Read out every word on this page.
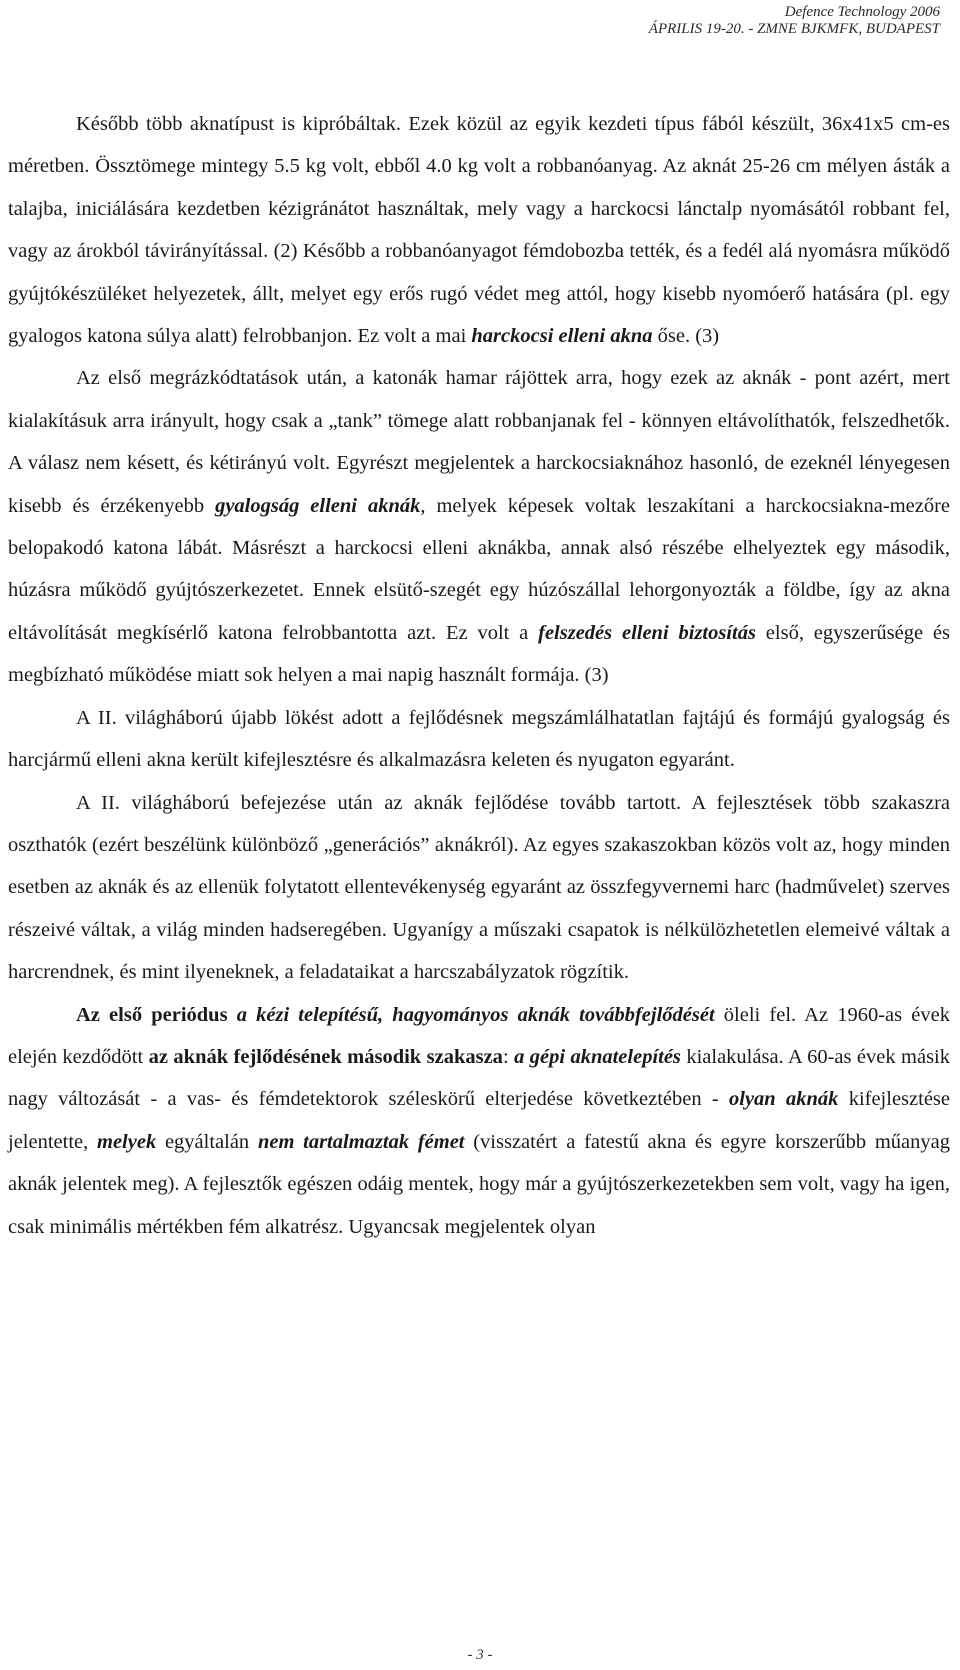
Defence Technology 2006
ÁPRILIS 19-20. - ZMNE BJKMFK, BUDAPEST

Később több aknatípust is kipróbáltak. Ezek közül az egyik kezdeti típus fából készült, 36x41x5 cm-es méretben. Össztömege mintegy 5.5 kg volt, ebből 4.0 kg volt a robbanóanyag. Az aknát 25-26 cm mélyen ásták a talajba, iniciálására kezdetben kézigránátot használtak, mely vagy a harckocsi lánctalp nyomásától robbant fel, vagy az árokból távirányítással. (2) Később a robbanóanyagot fémdobozba tették, és a fedél alá nyomásra működő gyújtókészüléket helyezetek, állt, melyet egy erős rugó védet meg attól, hogy kisebb nyomóerő hatására (pl. egy gyalogos katona súlya alatt) felrobbanjon. Ez volt a mai harckocsi elleni akna őse. (3)

Az első megrázkódtatások után, a katonák hamar rájöttek arra, hogy ezek az aknák - pont azért, mert kialakításuk arra irányult, hogy csak a „tank” tömege alatt robbanjanak fel - könnyen eltávolíthatók, felszedhetők. A válasz nem késett, és kétirányú volt. Egyrészt megjelentek a harckocsiaknához hasonló, de ezeknél lényegesen kisebb és érzékenyebb gyalogság elleni aknák, melyek képesek voltak leszakítani a harckocsiakna-mezőre belopakodó katona lábát. Másrészt a harckocsi elleni aknákba, annak alsó részébe elhelyeztek egy második, húzásra működő gyújtószerkezetet. Ennek elsütő-szegét egy húzószállal lehorgonyozták a földbe, így az akna eltávolítását megkísérlő katona felrobbantotta azt. Ez volt a felszedés elleni biztosítás első, egyszerűsége és megbízható működése miatt sok helyen a mai napig használt formája. (3)

A II. világháború újabb lökést adott a fejlődésnek megszámlálhatatlan fajtájú és formájú gyalogság és harcjármű elleni akna került kifejlesztésre és alkalmazásra keleten és nyugaton egyaránt.

A II. világháború befejezése után az aknák fejlődése tovább tartott. A fejlesztések több szakaszra oszthatók (ezért beszélünk különböző „generációs” aknákról). Az egyes szakaszokban közös volt az, hogy minden esetben az aknák és az ellenük folytatott ellentevékenység egyaránt az összfegyvernemi harc (hadművelet) szerves részeivé váltak, a világ minden hadseregében. Ugyanígy a műszaki csapatok is nélkülözhetetlen elemeivé váltak a harcrendnek, és mint ilyeneknek, a feladataikat a harcszabályzatok rögzítik.

Az első periódus a kézi telepítésű, hagyományos aknák továbbfejlődését öleli fel. Az 1960-as évek elején kezdődött az aknák fejlődésének második szakasza: a gépi aknatelepítés kialakulása. A 60-as évek másik nagy változását - a vas- és fémdetektorok széleskörű elterjedése következtében - olyan aknák kifejlesztése jelentette, melyek egyáltalán nem tartalmaztak fémet (visszatért a fatestű akna és egyre korszerűbb műanyag aknák jelentek meg). A fejlesztők egészen odáig mentek, hogy már a gyújtószerkezetekben sem volt, vagy ha igen, csak minimális mértékben fém alkatrész. Ugyancsak megjelentek olyan

- 3 -
